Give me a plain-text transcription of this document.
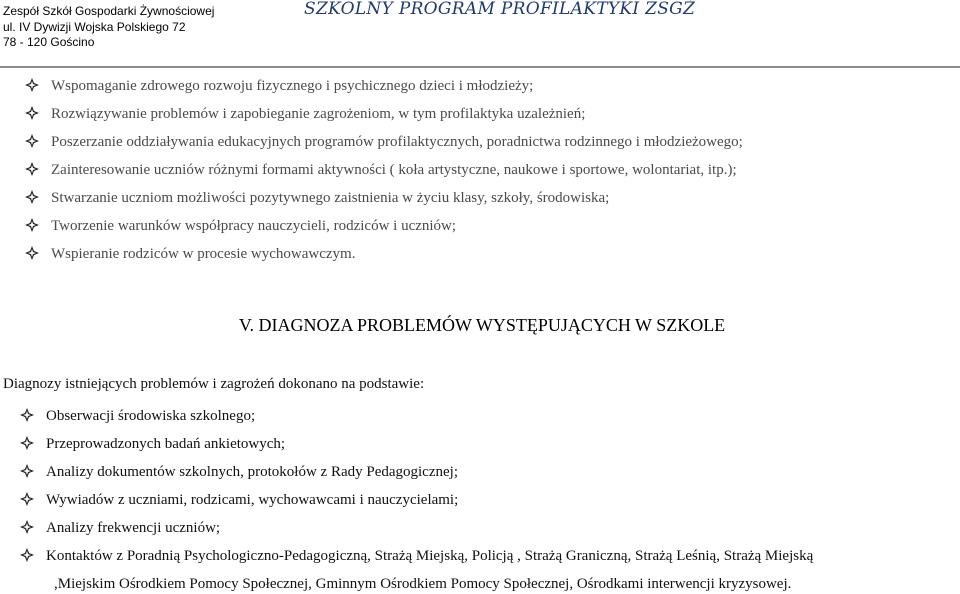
Zespół Szkół Gospodarki Żywnościowej
ul. IV Dywizji Wojska Polskiego 72
78 - 120 Gościno
SZKOLNY PROGRAM PROFILAKTYKI ZSGŻ
Wspomaganie zdrowego rozwoju fizycznego i psychicznego dzieci i młodzieży;
Rozwiązywanie problemów i zapobieganie zagrożeniom, w tym profilaktyka uzależnień;
Poszerzanie oddziaływania edukacyjnych programów profilaktycznych, poradnictwa rodzinnego i młodzieżowego;
Zainteresowanie uczniów różnymi formami aktywności ( koła artystyczne, naukowe i sportowe, wolontariat, itp.);
Stwarzanie uczniom możliwości pozytywnego zaistnienia w życiu klasy, szkoły, środowiska;
Tworzenie warunków współpracy nauczycieli, rodziców i uczniów;
Wspieranie rodziców w procesie wychowawczym.
V. DIAGNOZA PROBLEMÓW WYSTĘPUJĄCYCH W SZKOLE
Diagnozy istniejących problemów i zagrożeń dokonano na podstawie:
Obserwacji środowiska szkolnego;
Przeprowadzonych badań ankietowych;
Analizy dokumentów szkolnych, protokołów z Rady Pedagogicznej;
Wywiadów z uczniami, rodzicami, wychowawcami i nauczycielami;
Analizy frekwencji uczniów;
Kontaktów z Poradnią Psychologiczno-Pedagogiczną, Strażą Miejską, Policją , Strażą Graniczną, Strażą Leśnią, Strażą Miejską
,Miejskim Ośrodkiem Pomocy Społecznej, Gminnym Ośrodkiem Pomocy Społecznej, Ośrodkami interwencji kryzysowej.
